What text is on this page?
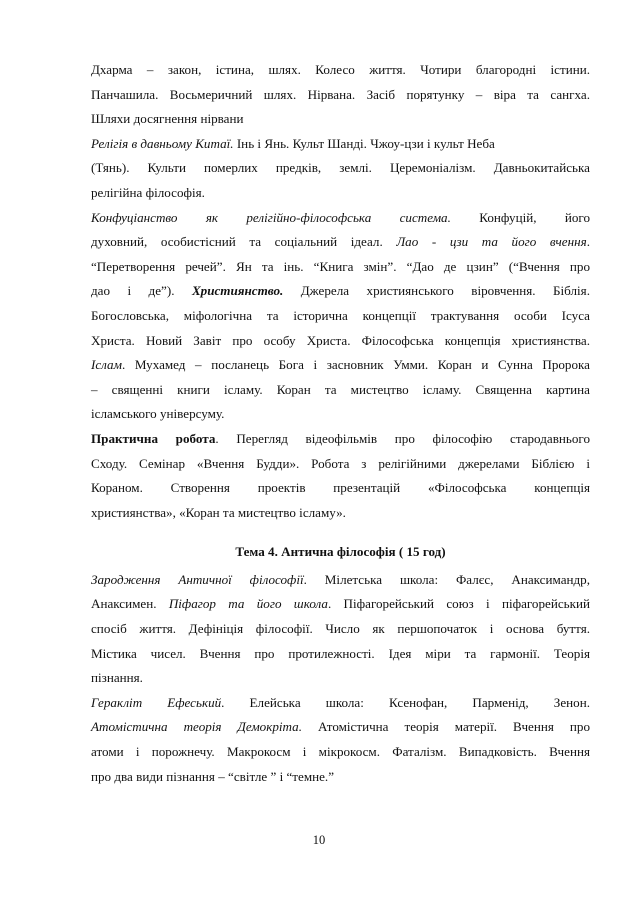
Дхарма – закон, істина, шлях. Колесо життя. Чотири благородні істини.

Панчашила. Восьмеричний шлях. Нірвана. Засіб порятунку – віра та сангха.

Шляхи досягнення нірвани

Релігія в давньому Китаї. Інь і Янь. Культ Шанді. Чжоу-цзи і культ Неба

(Тянь). Культи померлих предків, землі. Церемоніалізм. Давньокитайська

релігійна філософія.

Конфуціанство як релігійно-філософська система. Конфуцій, його

духовний, особистісний та соціальний ідеал. Лао - цзи та його вчення.

“Перетворення речей”. Ян та інь. “Книга змін”. “Дао де цзин” (“Вчення про

дао і де”). Християнство. Джерела християнського віровчення. Біблія.

Богословська, міфологічна та історична концепції трактування особи Ісуса

Христа. Новий Завіт про особу Христа. Філософська концепція християнства.

Іслам. Мухамед – посланець Бога і засновник Умми. Коран и Сунна Пророка

– священні книги ісламу. Коран та мистецтво ісламу. Священна картина

ісламського універсуму.

Практична робота. Перегляд відеофільмів про філософію стародавнього

Сходу. Семінар «Вчення Будди». Робота з релігійними джерелами Біблією і

Кораном. Створення проектів презентацій «Філософська концепція

християнства», «Коран та мистецтво ісламу».

Тема 4. Антична філософія ( 15 год)

Зародження Античної філософії. Мілетська школа: Фалєс, Анаксимандр,

Анаксимен. Піфагор та його школа. Піфагорейський союз і піфагорейський

спосіб життя. Дефініція філософії. Число як першопочаток і основа буття.

Містика чисел. Вчення про протилежності. Ідея міри та гармонії. Теорія

пізнання.

Геракліт Ефеський. Елейська школа: Ксенофан, Парменід, Зенон.

Атомістична теорія Демокріта. Атомістична теорія матерії. Вчення про

атоми і порожнечу. Макрокосм і мікрокосм. Фаталізм. Випадковість. Вчення

про два види пізнання – “світле ” і “темне.”

10
